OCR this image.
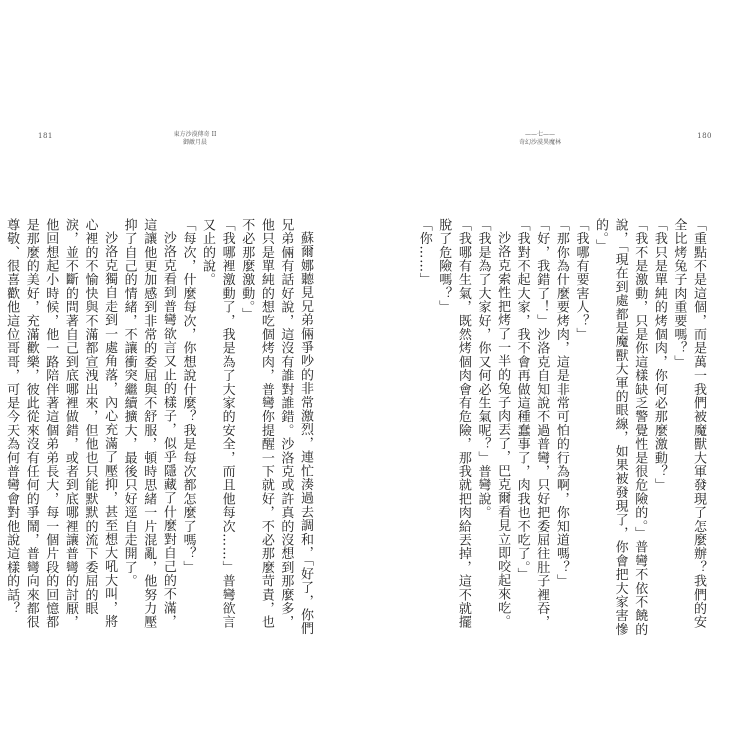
181	東方沙漠傳奇 II
御敵月晨

蘇爾娜聽見兄弟倆爭吵的非常激烈，連忙湊過去調和，「好了，你們兄弟倆有話好說，這沒有誰對誰錯。沙洛克或許真的沒想到那麼多，他只是單純的想吃個烤肉，普彎你提醒一下就好，不必那麼苛責，也不必那麼激動。」

「我哪裡激動了，我是為了大家的安全，而且他每次……」普彎欲言又止的說。

「每次，什麼每次，你想說什麼？我是每次都怎麼了嗎？」

沙洛克看到普彎欲言又止的樣子，似乎隱藏了什麼對自己的不滿，這讓他更加感到非常的委屈與不舒服，頓時思緒一片混亂，他努力壓抑了自己的情緒，不讓衝突繼續擴大，最後只好逕自走開了。

沙洛克獨自走到一處角落，內心充滿了壓抑，甚至想大吼大叫，將心裡的不愉快與不滿都宣洩出來，但他也只能默默的流下委屈的眼淚，並不斷的問著自己到底哪裡做錯，或者到底哪裡讓普彎的討厭，他回想起小時候，他一路陪伴著這個弟弟長大，每一個片段的回憶都是那麼的美好，充滿歡樂，彼此從來沒有任何的爭鬧，普彎向來都很尊敬、很喜歡他這位哥哥，可是今天為何普彎會對他說這樣的話？

——七——
奇幻沙漠異魔林
180

「重點不是這個，而是萬一我們被魔獸大軍發現了怎麼辦？我們的安全比烤兔子肉重要嗎？」

「我只是單純的烤個肉，你何必那麼激動？」

「我不是激動，只是你這樣缺乏警覺性是很危險的。」普彎不依不饒的說，「現在到處都是魔獸大軍的眼線，如果被發現了，你會把大家害慘的。」

「我哪有要害人？」

「那你為什麼要烤肉，這是非常可怕的行為啊，你知道嗎？」

「好，我錯了！」沙洛克自知說不過普彎，只好把委屈往肚子裡吞，「我對不起大家，我不會再做這種蠢事了，肉我也不吃了。」

沙洛克索性把烤了一半的兔子肉丟了，巴克爾看見立即咬起來吃。

「我是為了大家好，你又何必生氣呢？」普彎說。

「我哪有生氣，既然烤個肉會有危險，那我就把肉給丟掉，這不就擺脫了危險嗎？」

「你……」
